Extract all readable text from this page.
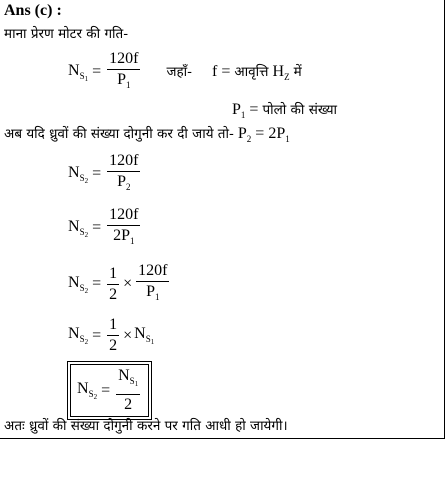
Ans (c) :
माना प्रेरण मोटर की गति-
$N_{S_1} = \frac{120f}{P_1}$ जहाँ- f = आवृत्ति $H_Z$ में
$P_1$ = पोलो की संख्या
अब यदि ध्रुवों की संख्या दोगुनी कर दी जाये तो- $P_2 = 2P_1$
$N_{S_2} = \frac{120f}{P_2}$
$N_{S_2} = \frac{120f}{2P_1}$
$N_{S_2} = \frac{1}{2} \times \frac{120f}{P_1}$
$N_{S_2} = \frac{1}{2} \times N_{S_1}$
$N_{S_2} = \frac{N_{S_1}}{2}$
अतः ध्रुवों की संख्या दोगुनी करने पर गति आधी हो जायेगी।
